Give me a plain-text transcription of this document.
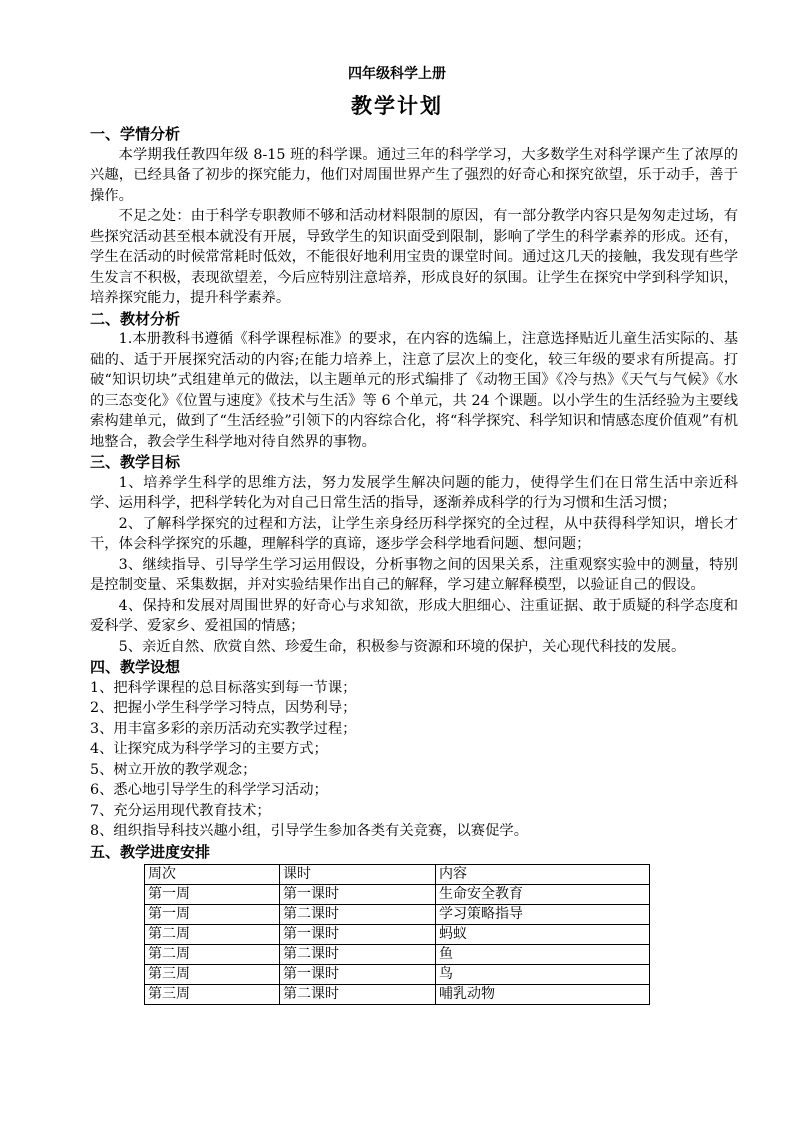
四年级科学上册
教学计划

一、学情分析

本学期我任教四年级 8-15 班的科学课。通过三年的科学学习，大多数学生对科学课产生了浓厚的兴趣，已经具备了初步的探究能力，他们对周围世界产生了强烈的好奇心和探究欲望，乐于动手，善于操作。

不足之处：由于科学专职教师不够和活动材料限制的原因，有一部分教学内容只是匆匆走过场，有些探究活动甚至根本就没有开展，导致学生的知识面受到限制，影响了学生的科学素养的形成。还有，学生在活动的时候常常耗时低效，不能很好地利用宝贵的课堂时间。通过这几天的接触，我发现有些学生发言不积极，表现欲望差，今后应特别注意培养，形成良好的氛围。让学生在探究中学到科学知识，培养探究能力，提升科学素养。

二、教材分析

1.本册教科书遵循《科学课程标准》的要求，在内容的选编上，注意选择贴近儿童生活实际的、基础的、适于开展探究活动的内容;在能力培养上，注意了层次上的变化，较三年级的要求有所提高。打破“知识切块”式组建单元的做法，以主题单元的形式编排了《动物王国》《冷与热》《天气与气候》《水的三态变化》《位置与速度》《技术与生活》等 6 个单元，共 24 个课题。以小学生的生活经验为主要线索构建单元，做到了“生活经验”引领下的内容综合化，将“科学探究、科学知识和情感态度价值观”有机地整合，教会学生科学地对待自然界的事物。

三、教学目标

1、培养学生科学的思维方法，努力发展学生解决问题的能力，使得学生们在日常生活中亲近科学、运用科学，把科学转化为对自己日常生活的指导，逐渐养成科学的行为习惯和生活习惯；

2、了解科学探究的过程和方法，让学生亲身经历科学探究的全过程，从中获得科学知识，增长才干，体会科学探究的乐趣，理解科学的真谛，逐步学会科学地看问题、想问题；

3、继续指导、引导学生学习运用假设，分析事物之间的因果关系，注重观察实验中的测量，特别是控制变量、采集数据，并对实验结果作出自己的解释，学习建立解释模型，以验证自己的假设。

4、保持和发展对周围世界的好奇心与求知欲，形成大胆细心、注重证据、敢于质疑的科学态度和爱科学、爱家乡、爱祖国的情感；

5、亲近自然、欣赏自然、珍爱生命，积极参与资源和环境的保护，关心现代科技的发展。

四、教学设想

1、把科学课程的总目标落实到每一节课；

2、把握小学生科学学习特点，因势利导；

3、用丰富多彩的亲历活动充实教学过程；

4、让探究成为科学学习的主要方式；

5、树立开放的教学观念；

6、悉心地引导学生的科学学习活动；

7、充分运用现代教育技术；

8、组织指导科技兴趣小组，引导学生参加各类有关竞赛，以赛促学。

五、教学进度安排

周次	课时	内容
第一周	第一课时	生命安全教育
第一周	第二课时	学习策略指导
第二周	第一课时	蚂蚁
第二周	第二课时	鱼
第三周	第一课时	鸟
第三周	第二课时	哺乳动物
